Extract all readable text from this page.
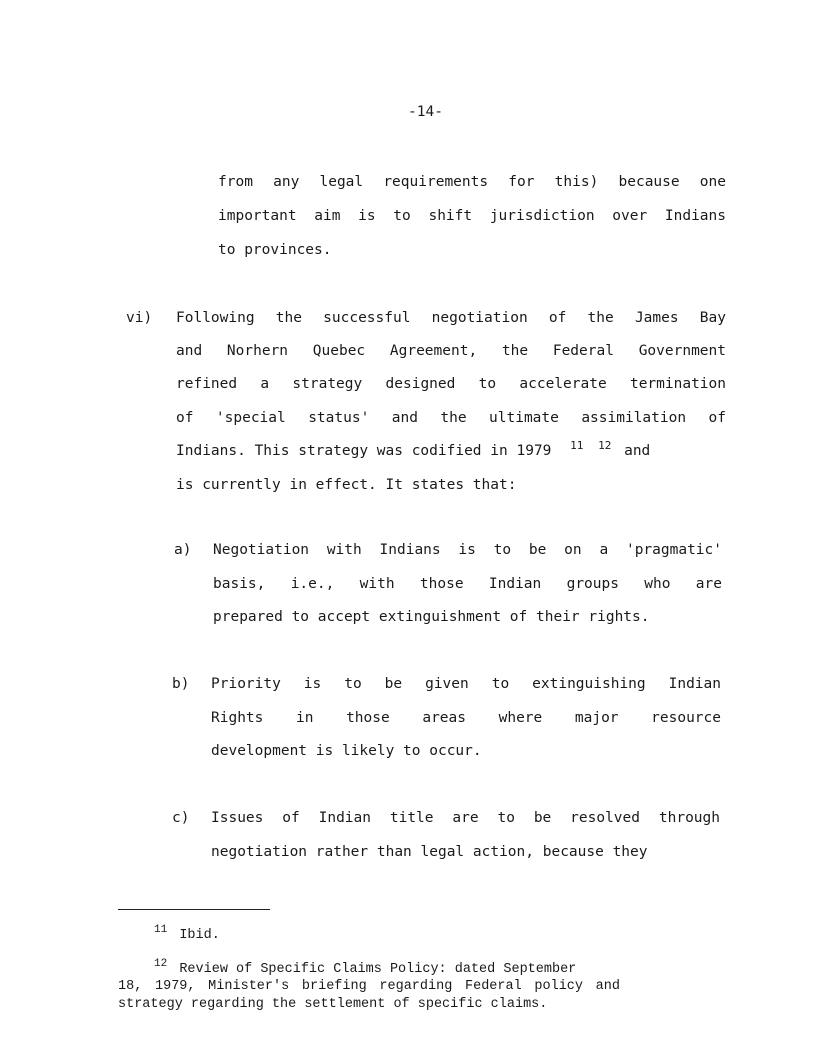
-14-
from any legal requirements for this) because one
important aim is to shift jurisdiction over Indians
to provinces.
vi) Following the successful negotiation of the James Bay
and Norhern Quebec Agreement, the Federal Government
refined a strategy designed to accelerate termination
of 'special status' and the ultimate assimilation of
Indians. This strategy was codified in 1979 $^{11}$ $^{12}$ and
is currently in effect. It states that:
a) Negotiation with Indians is to be on a 'pragmatic'
basis, i.e., with those Indian groups who are
prepared to accept extinguishment of their rights.
b) Priority is to be given to extinguishing Indian
Rights in those areas where major resource
development is likely to occur.
c) Issues of Indian title are to be resolved through
negotiation rather than legal action, because they
$^{11}$ Ibid.
$^{12}$ Review of Specific Claims Policy: dated September
18, 1979, Minister's briefing regarding Federal policy and
strategy regarding the settlement of specific claims.
